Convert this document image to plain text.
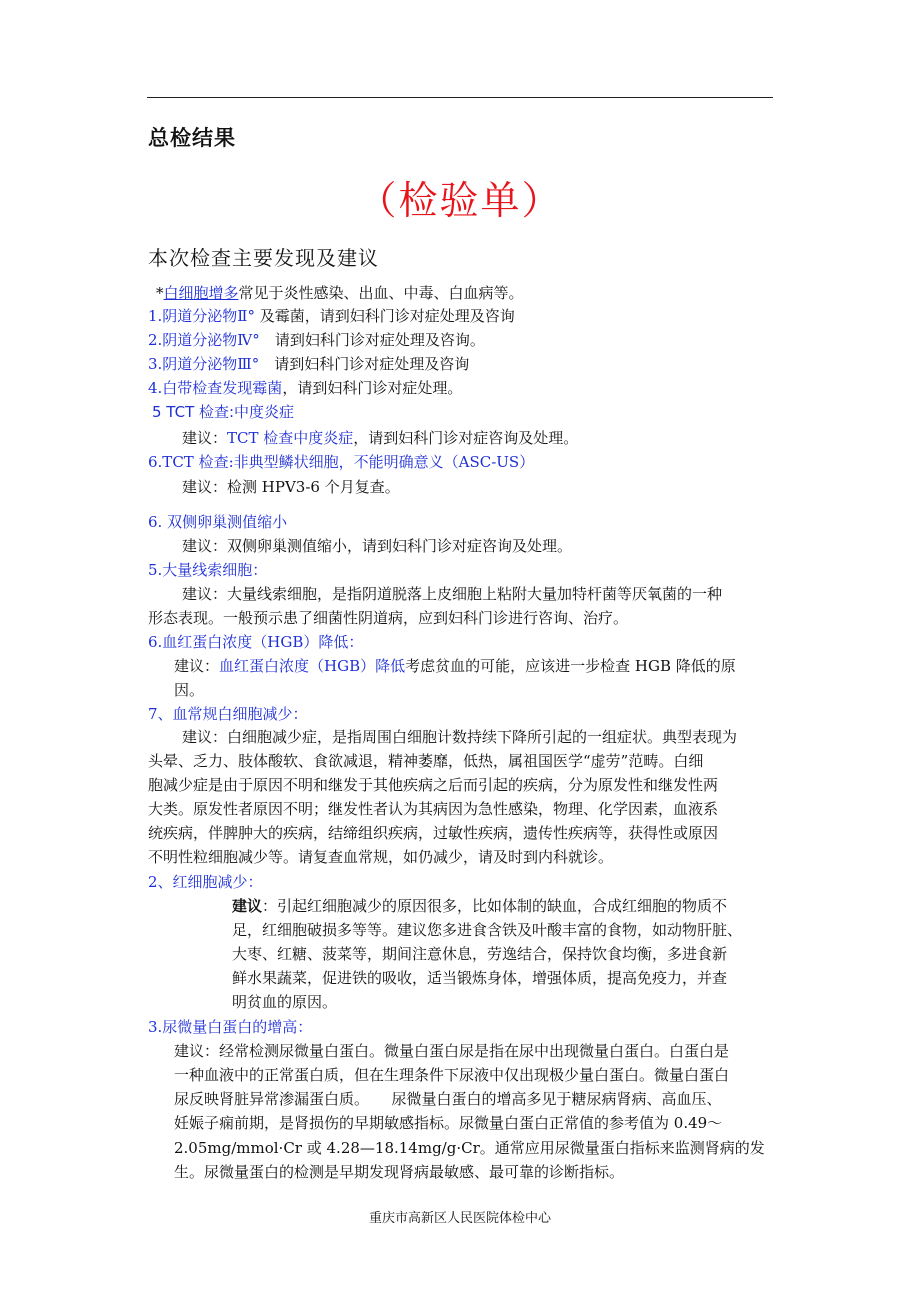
总检结果
（检验单）
本次检查主要发现及建议
*白细胞增多常见于炎性感染、出血、中毒、白血病等。
1.阴道分泌物Ⅱ° 及霉菌，请到妇科门诊对症处理及咨询
2.阴道分泌物Ⅳ°　 请到妇科门诊对症处理及咨询。
3.阴道分泌物Ⅲ°　 请到妇科门诊对症处理及咨询
4.白带检查发现霉菌，请到妇科门诊对症处理。
5 TCT 检查:中度炎症
建议：TCT 检查中度炎症，请到妇科门诊对症咨询及处理。
6.TCT 检查:非典型鳞状细胞，不能明确意义（ASC-US）
建议：检测 HPV3-6 个月复查。
6. 双侧卵巢测值缩小
建议：双侧卵巢测值缩小，请到妇科门诊对症咨询及处理。
5.大量线索细胞：
建议：大量线索细胞，是指阴道脱落上皮细胞上粘附大量加特杆菌等厌氧菌的一种
形态表现。一般预示患了细菌性阴道病，应到妇科门诊进行咨询、治疗。
6.血红蛋白浓度（HGB）降低：
建议：血红蛋白浓度（HGB）降低考虑贫血的可能，应该进一步检查 HGB 降低的原
因。
7、血常规白细胞减少：
建议：白细胞减少症，是指周围白细胞计数持续下降所引起的一组症状。典型表现为
头晕、乏力、肢体酸软、食欲减退，精神萎靡，低热，属祖国医学“虚劳”范畴。白细
胞减少症是由于原因不明和继发于其他疾病之后而引起的疾病，分为原发性和继发性两
大类。原发性者原因不明；继发性者认为其病因为急性感染，物理、化学因素，血液系
统疾病，伴脾肿大的疾病，结缔组织疾病，过敏性疾病，遗传性疾病等，获得性或原因
不明性粒细胞减少等。请复查血常规，如仍减少，请及时到内科就诊。
2、红细胞减少：
建议：引起红细胞减少的原因很多，比如体制的缺血，合成红细胞的物质不
足，红细胞破损多等等。建议您多进食含铁及叶酸丰富的食物，如动物肝脏、
大枣、红糖、菠菜等，期间注意休息，劳逸结合，保持饮食均衡，多进食新
鲜水果蔬菜，促进铁的吸收，适当锻炼身体，增强体质，提高免疫力，并查
明贫血的原因。
3.尿微量白蛋白的增高：
建议：经常检测尿微量白蛋白。微量白蛋白尿是指在尿中出现微量白蛋白。白蛋白是
一种血液中的正常蛋白质，但在生理条件下尿液中仅出现极少量白蛋白。微量白蛋白
尿反映肾脏异常渗漏蛋白质。　　尿微量白蛋白的增高多见于糖尿病肾病、高血压、
妊娠子痫前期，是肾损伤的早期敏感指标。尿微量白蛋白正常值的参考值为 0.49～
2.05mg/mmol·Cr 或 4.28—18.14mg/g·Cr。通常应用尿微量蛋白指标来监测肾病的发
生。尿微量蛋白的检测是早期发现肾病最敏感、最可靠的诊断指标。
重庆市高新区人民医院体检中心
